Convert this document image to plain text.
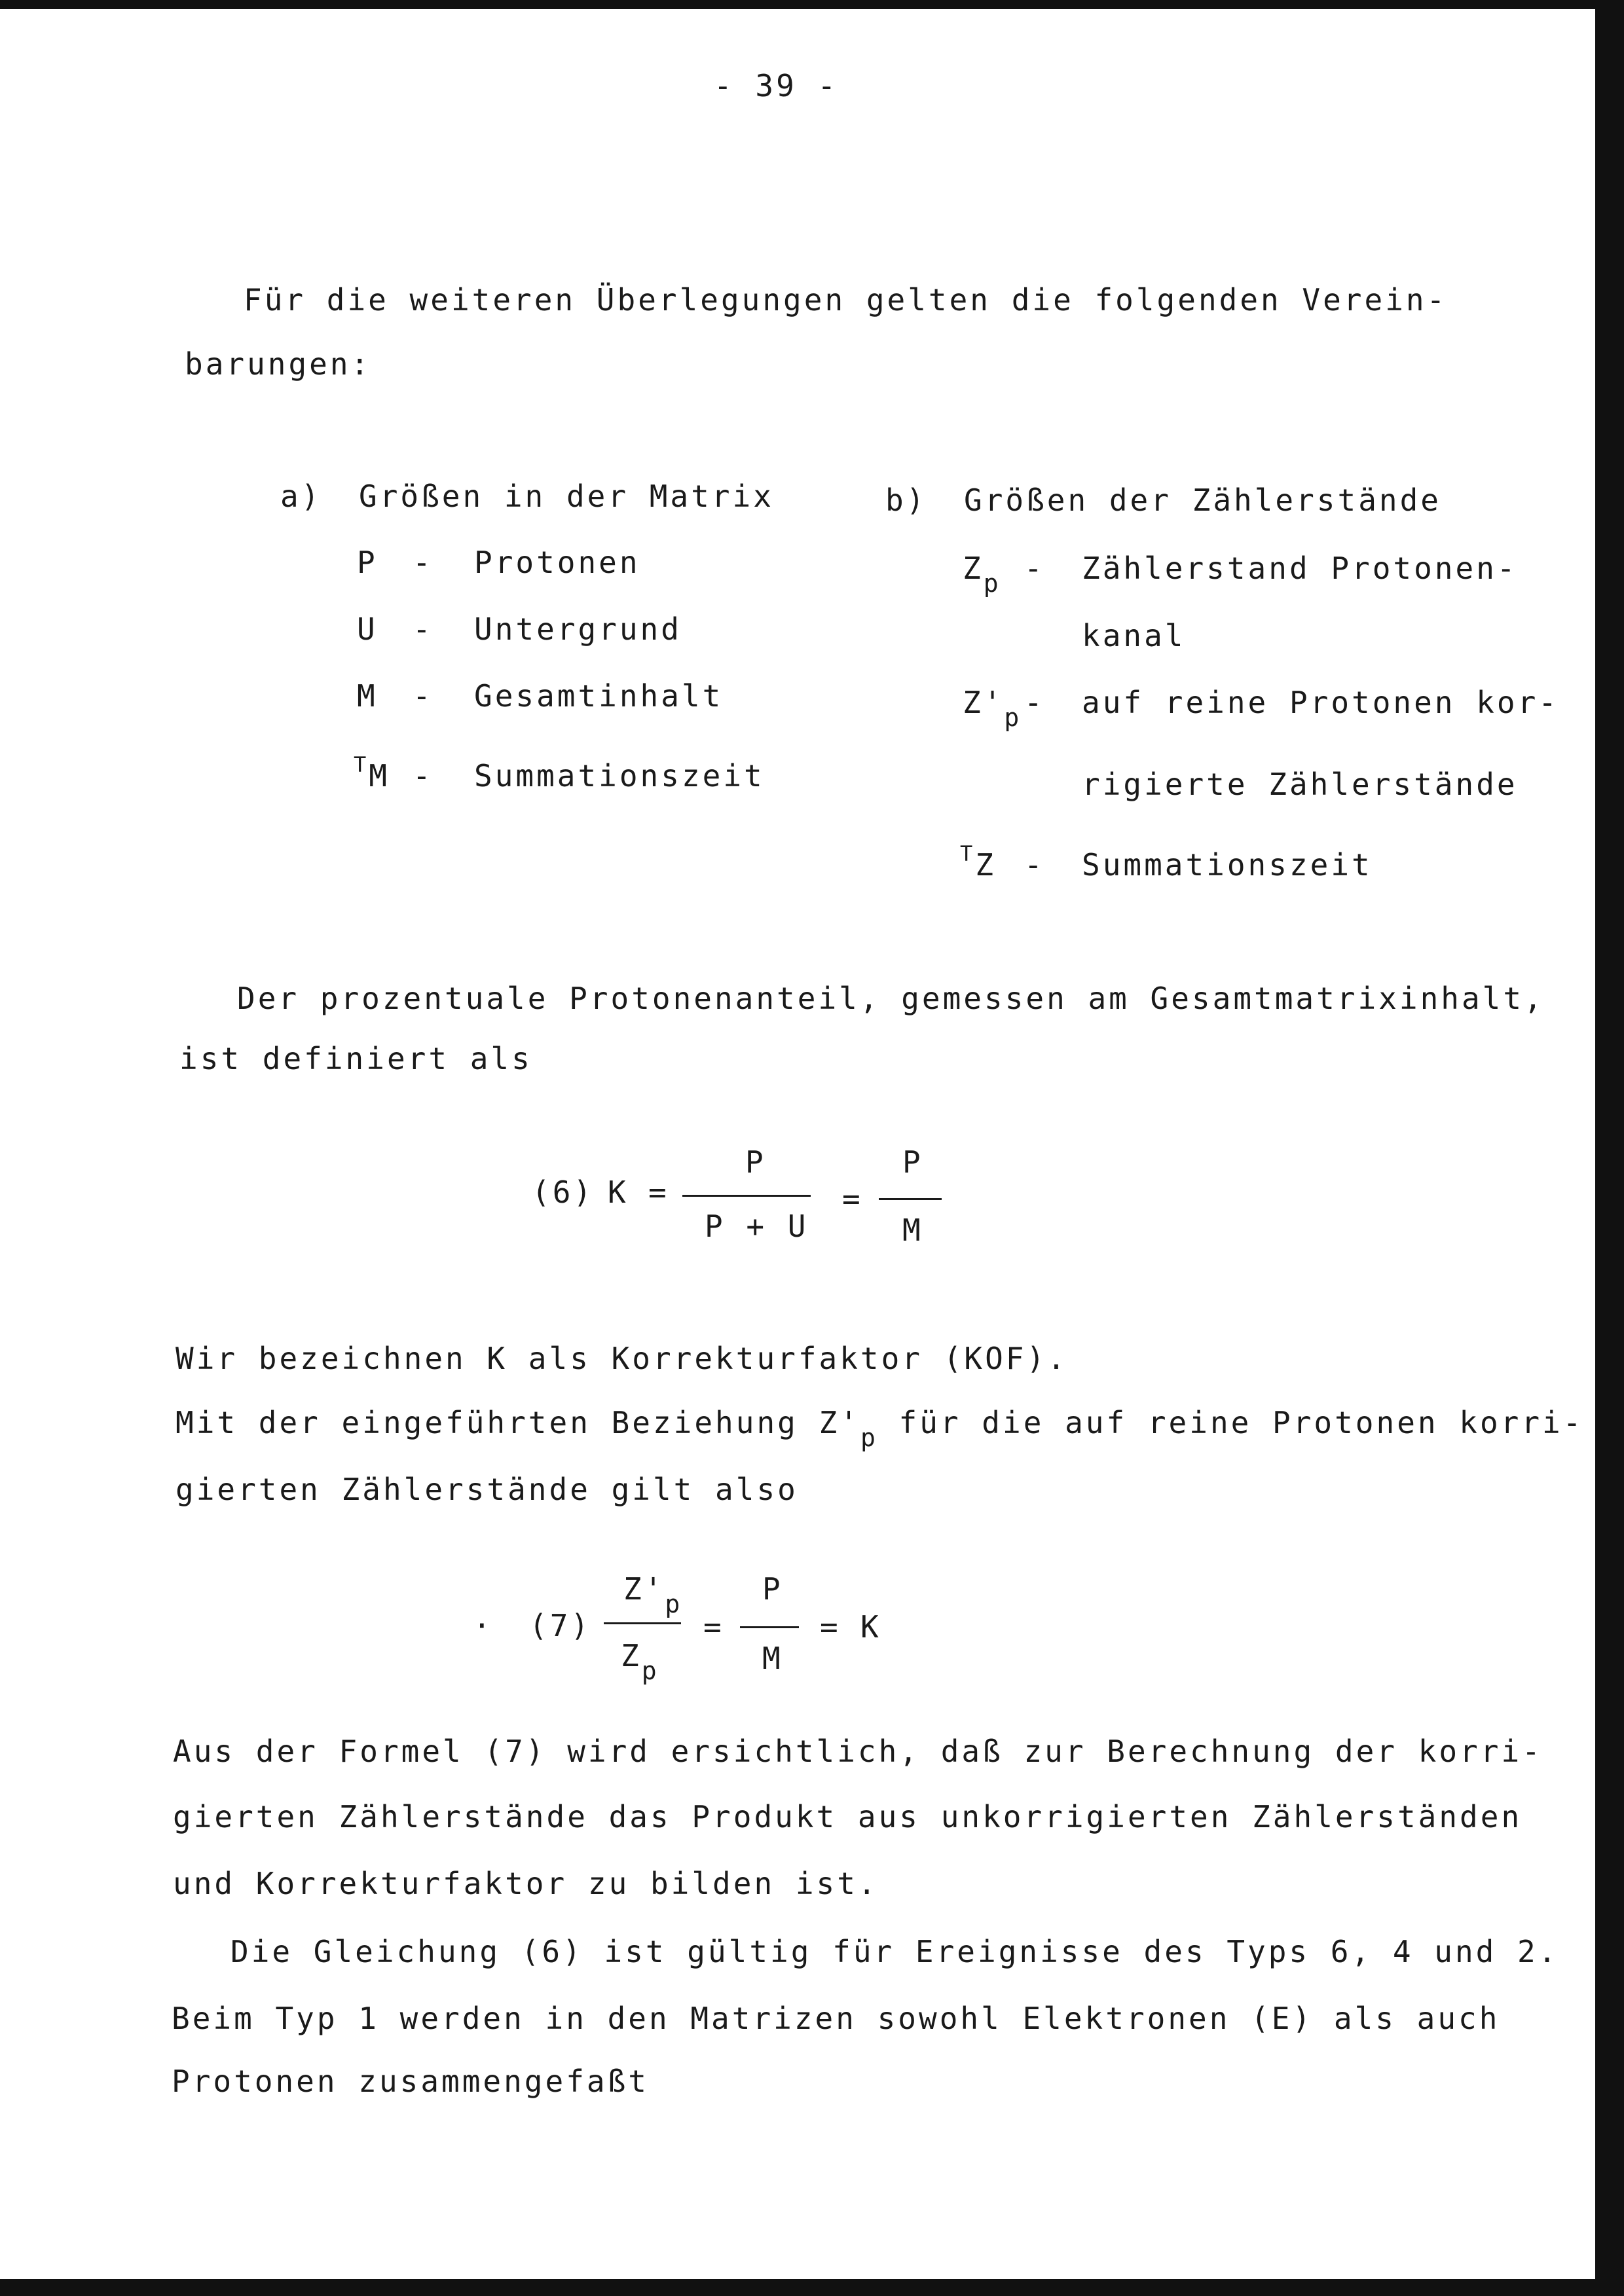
- 39 -
Für die weiteren Überlegungen gelten die folgenden Verein-
barungen:
a) Größen in der Matrix
P - Protonen
U - Untergrund
M - Gesamtinhalt
$^T$M - Summationszeit
b) Größen der Zählerstände
$Z_p$ - Zählerstand Protonen-
kanal
$Z'_p$ - auf reine Protonen kor-
rigierte Zählerstände
$^T$Z - Summationszeit
Der prozentuale Protonenanteil, gemessen am Gesamtmatrixinhalt,
ist definiert als
(6) K =
P
P + U
=
P
M
Wir bezeichnen K als Korrekturfaktor (KOF).
Mit der eingeführten Beziehung $Z'_p$ für die auf reine Protonen korri-
gierten Zählerstände gilt also
· (7)
$Z'_p$
$Z_p$
=
P
M
= K
Aus der Formel (7) wird ersichtlich, daß zur Berechnung der korri-
gierten Zählerstände das Produkt aus unkorrigierten Zählerständen
und Korrekturfaktor zu bilden ist.
Die Gleichung (6) ist gültig für Ereignisse des Typs 6, 4 und 2.
Beim Typ 1 werden in den Matrizen sowohl Elektronen (E) als auch
Protonen zusammengefaßt
